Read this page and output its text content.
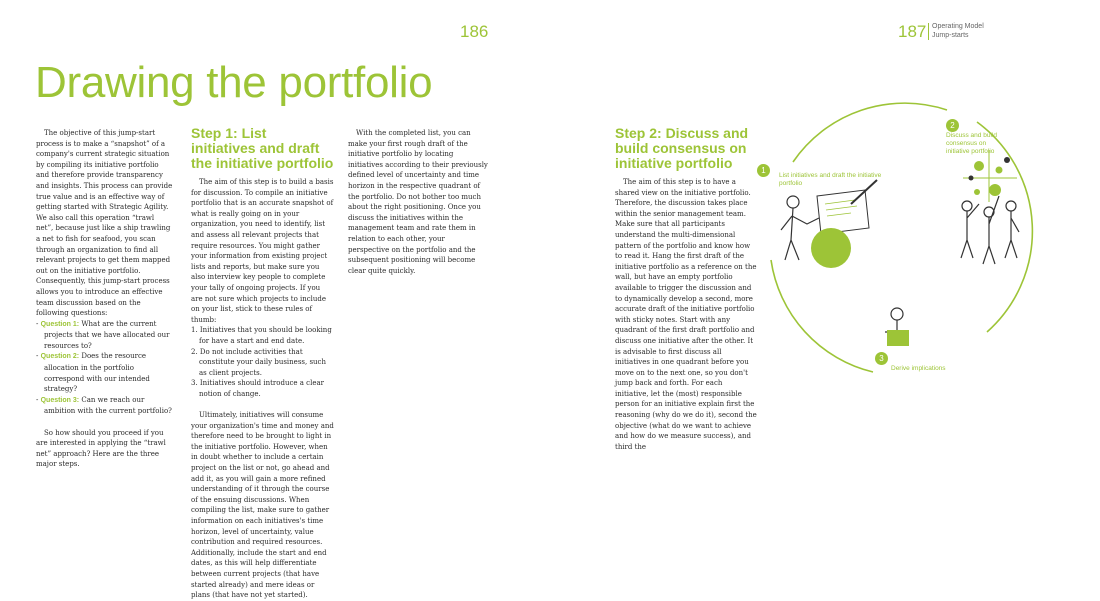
186	187 Operating Model
Jump-starts
Drawing the portfolio

The objective of this jump-start process is to make a “snapshot” of a company's current strategic situation by compiling its initiative portfolio and therefore provide transparency and insights. This process can provide true value and is an effective way of getting started with Strategic Agility. We also call this operation “trawl net”, because just like a ship trawling a net to fish for seafood, you scan through an organization to find all relevant projects to get them mapped out on the initiative portfolio. Consequently, this jump-start process allows you to introduce an effective team discussion based on the following questions:

- Question 1: What are the current projects that we have allocated our resources to?

- Question 2: Does the resource allocation in the portfolio correspond with our intended strategy?

- Question 3: Can we reach our ambition with the current portfolio?

So how should you proceed if you are interested in applying the “trawl net” approach? Here are the three major steps.

Step 1: List initiatives and draft the initiative portfolio

The aim of this step is to build a basis for discussion. To compile an initiative portfolio that is an accurate snapshot of what is really going on in your organization, you need to identify, list and assess all relevant projects that require resources. You might gather your information from existing project lists and reports, but make sure you also interview key people to complete your tally of ongoing projects. If you are not sure which projects to include on your list, stick to these rules of thumb:

1. Initiatives that you should be looking for have a start and end date.

2. Do not include activities that constitute your daily business, such as client projects.

3. Initiatives should introduce a clear notion of change.

Ultimately, initiatives will consume your organization's time and money and therefore need to be brought to light in the initiative portfolio. However, when in doubt whether to include a certain project on the list or not, go ahead and add it, as you will gain a more refined understanding of it through the course of the ensuing discussions. When compiling the list, make sure to gather information on each initiatives's time horizon, level of uncertainty, value contribution and required resources. Additionally, include the start and end dates, as this will help differentiate between current projects (that have started already) and mere ideas or plans (that have not yet started).

With the completed list, you can make your first rough draft of the initiative portfolio by locating initiatives according to their previously defined level of uncertainty and time horizon in the respective quadrant of the portfolio. Do not bother too much about the right positioning. Once you discuss the initiatives within the management team and rate them in relation to each other, your perspective on the portfolio and the subsequent positioning will become clear quite quickly.

Step 2: Discuss and build consensus on initiative portfolio

The aim of this step is to have a shared view on the initiative portfolio. Therefore, the discussion takes place within the senior management team. Make sure that all participants understand the multi-dimensional pattern of the portfolio and know how to read it. Hang the first draft of the initiative portfolio as a reference on the wall, but have an empty portfolio available to trigger the discussion and to dynamically develop a second, more accurate draft of the initiative portfolio with sticky notes. Start with any quadrant of the first draft portfolio and discuss one initiative after the other. It is advisable to first discuss all initiatives in one quadrant before you move on to the next one, so you don't jump back and forth. For each initiative, let the (most) responsible person for an initiative explain first the reasoning (why do we do it), second the objective (what do we want to achieve and how do we measure success), and third the

1
List initiatives and draft the initiative portfolio
2
Discuss and build consensus on initiative portfolio
3
Derive implications
